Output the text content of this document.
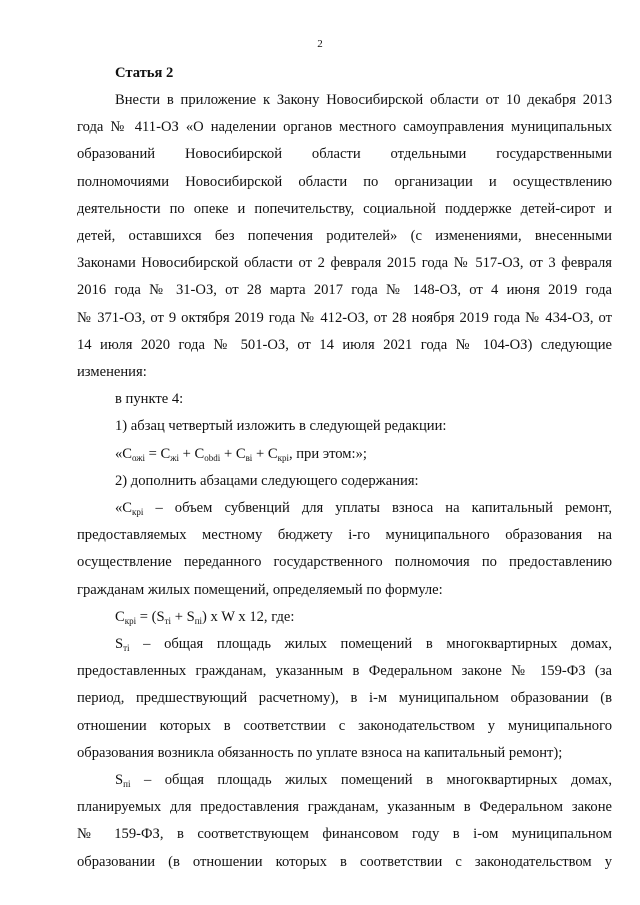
2

Статья 2

Внести в приложение к Закону Новосибирской области от 10 декабря 2013

года № 411-ОЗ «О наделении органов местного самоуправления муниципальных

образований Новосибирской области отдельными государственными

полномочиями Новосибирской области по организации и осуществлению

деятельности по опеке и попечительству, социальной поддержке детей-сирот и

детей, оставшихся без попечения родителей» (с изменениями, внесенными

Законами Новосибирской области от 2 февраля 2015 года № 517-ОЗ, от 3 февраля

2016 года № 31-ОЗ, от 28 марта 2017 года № 148-ОЗ, от 4 июня 2019 года

№ 371-ОЗ, от 9 октября 2019 года № 412-ОЗ, от 28 ноября 2019 года № 434-ОЗ, от

14 июля 2020 года № 501-ОЗ, от 14 июля 2021 года № 104-ОЗ) следующие

изменения:

в пункте 4:

1) абзац четвертый изложить в следующей редакции:

«$С_{ожi} = С_{жi} + С_{obdi} + С_{вi} + С_{крi}$, при этом:»;

2) дополнить абзацами следующего содержания:

«$С_{крi}$ – объем субвенций для уплаты взноса на капитальный ремонт,

предоставляемых местному бюджету i-го муниципального образования на

осуществление переданного государственного полномочия по предоставлению

гражданам жилых помещений, определяемый по формуле:

$С_{крi} = (S_{тi} + S_{пi})$ x W x 12, где:

$S_{тi}$ – общая площадь жилых помещений в многоквартирных домах,

предоставленных гражданам, указанным в Федеральном законе № 159-ФЗ (за

период, предшествующий расчетному), в i-м муниципальном образовании (в

отношении которых в соответствии с законодательством у муниципального

образования возникла обязанность по уплате взноса на капитальный ремонт);

$S_{пi}$ – общая площадь жилых помещений в многоквартирных домах,

планируемых для предоставления гражданам, указанным в Федеральном законе

№ 159-ФЗ, в соответствующем финансовом году в i-ом муниципальном

образовании (в отношении которых в соответствии с законодательством у
